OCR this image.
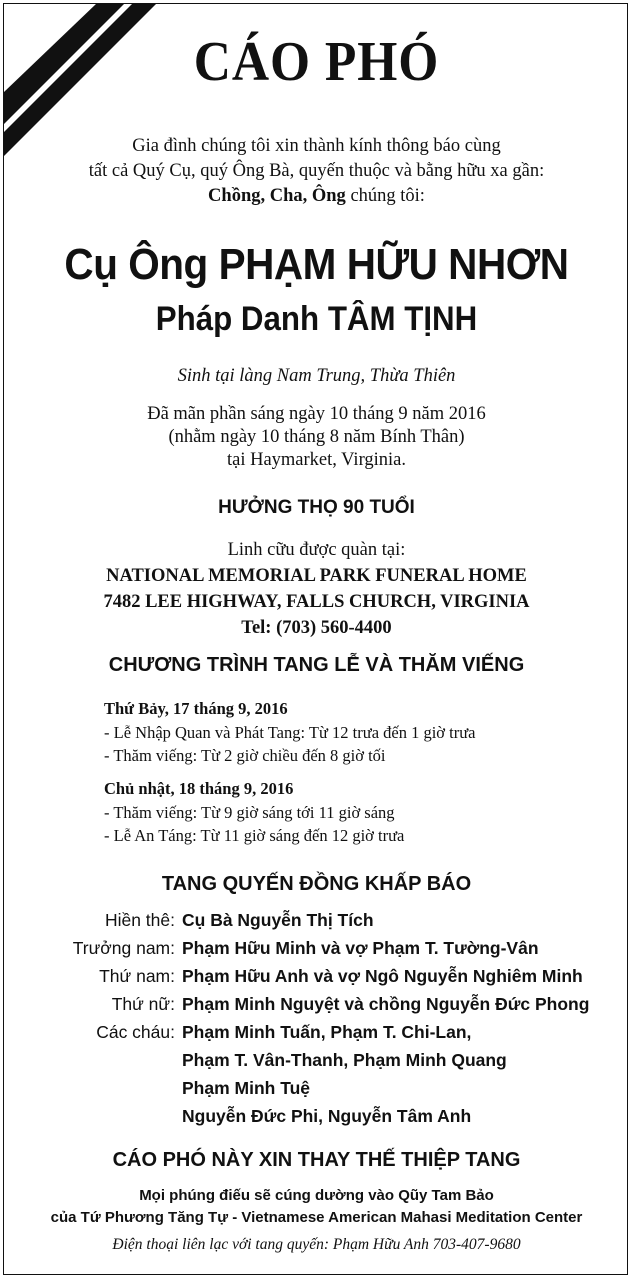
CÁO PHÓ
Gia đình chúng tôi xin thành kính thông báo cùng
tất cả Quý Cụ, quý Ông Bà, quyến thuộc và bằng hữu xa gần:
Chồng, Cha, Ông chúng tôi:
Cụ Ông PHẠM HỮU NHƠN
Pháp Danh TÂM TỊNH
Sinh tại làng Nam Trung, Thừa Thiên
Đã mãn phần sáng ngày 10 tháng 9 năm 2016
(nhằm ngày 10 tháng 8 năm Bính Thân)
tại Haymarket, Virginia.
HƯỞNG THỌ 90 TUỔI
Linh cữu được quàn tại:
NATIONAL MEMORIAL PARK FUNERAL HOME
7482 LEE HIGHWAY, FALLS CHURCH, VIRGINIA
Tel: (703) 560-4400
CHƯƠNG TRÌNH TANG LỄ VÀ THĂM VIẾNG
Thứ Bảy, 17 tháng 9, 2016
- Lễ Nhập Quan và Phát Tang: Từ 12 trưa đến 1 giờ trưa
- Thăm viếng: Từ 2 giờ chiều đến 8 giờ tối
Chủ nhật, 18 tháng 9, 2016
- Thăm viếng: Từ 9 giờ sáng tới 11 giờ sáng
- Lễ An Táng: Từ 11 giờ sáng đến 12 giờ trưa
TANG QUYẾN ĐỒNG KHẤP BÁO
Hiền thê: Cụ Bà Nguyễn Thị Tích
Trưởng nam: Phạm Hữu Minh và vợ Phạm T. Tường-Vân
Thứ nam: Phạm Hữu Anh và vợ Ngô Nguyễn Nghiêm Minh
Thứ nữ: Phạm Minh Nguyệt và chồng Nguyễn Đức Phong
Các cháu: Phạm Minh Tuấn, Phạm T. Chi-Lan,
Phạm T. Vân-Thanh, Phạm Minh Quang
Phạm Minh Tuệ
Nguyễn Đức Phi, Nguyễn Tâm Anh
CÁO PHÓ NÀY XIN THAY THẾ THIỆP TANG
Mọi phúng điếu sẽ cúng dường vào Qũy Tam Bảo
của Tứ Phương Tăng Tự - Vietnamese American Mahasi Meditation Center
Điện thoại liên lạc với tang quyến: Phạm Hữu Anh 703-407-9680
